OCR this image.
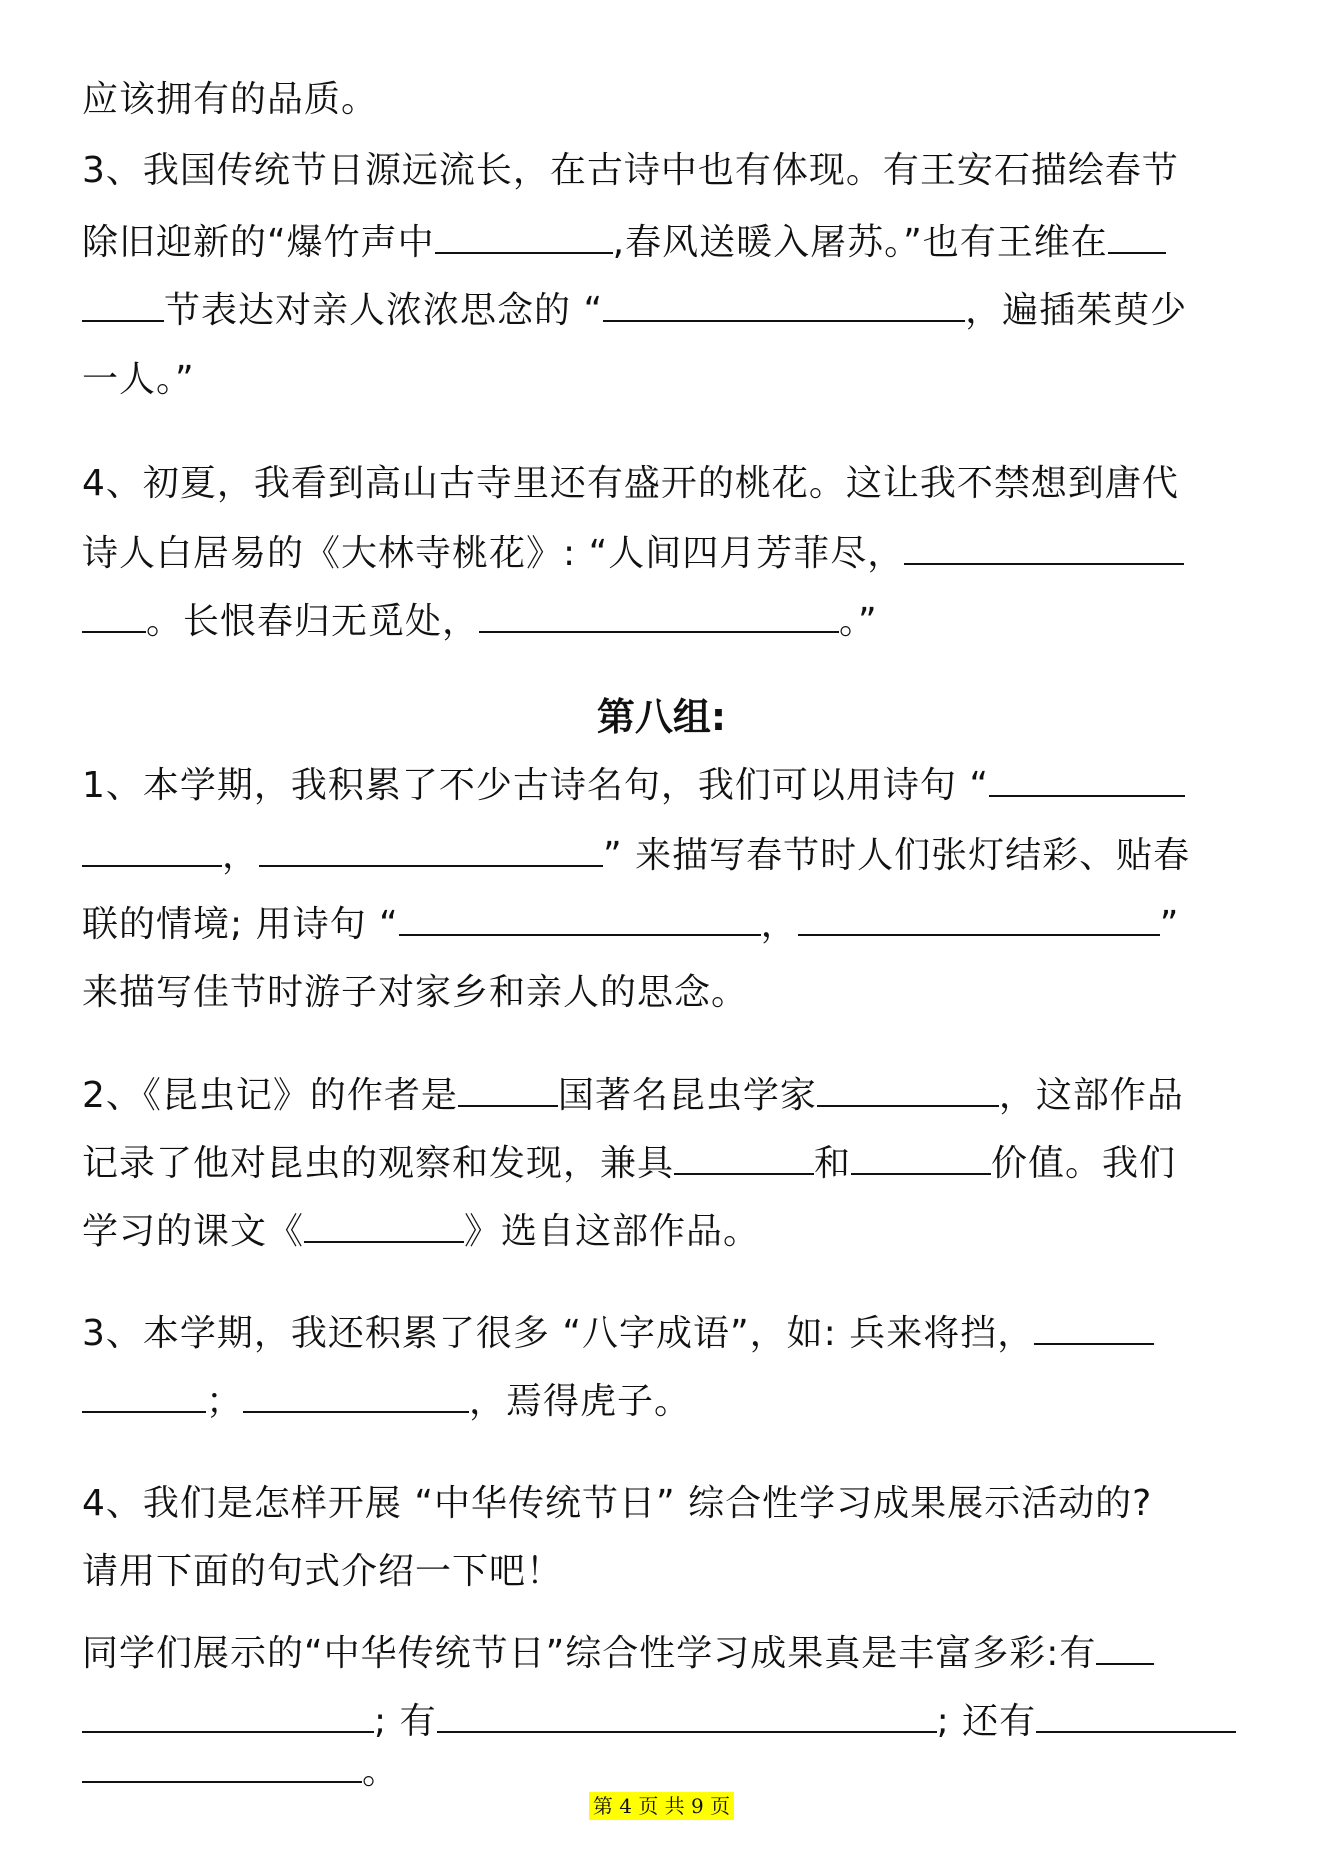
应该拥有的品质。

3、我国传统节日源远流长，在古诗中也有体现。有王安石描绘春节

除旧迎新的“爆竹声中	,春风送暖入屠苏。”也有王维在

节表达对亲人浓浓思念的 “	，遍插茱萸少

一人。”

4、初夏，我看到高山古寺里还有盛开的桃花。这让我不禁想到唐代

诗人白居易的《大林寺桃花》: “人间四月芳菲尽，

。长恨春归无觅处，	。”

第八组:

1、本学期，我积累了不少古诗名句，我们可以用诗句 “

，	” 来描写春节时人们张灯结彩、贴春

联的情境; 用诗句 “	，	”

来描写佳节时游子对家乡和亲人的思念。

2、《昆虫记》的作者是	国著名昆虫学家	，这部作品

记录了他对昆虫的观察和发现，兼具	和	价值。我们

学习的课文《	》选自这部作品。

3、本学期，我还积累了很多 “八字成语”，如: 兵来将挡，

；	，焉得虎子。

4、我们是怎样开展 “中华传统节日” 综合性学习成果展示活动的?

请用下面的句式介绍一下吧！

同学们展示的“中华传统节日”综合性学习成果真是丰富多彩:有

; 有	; 还有

。

第 4 页 共 9 页
